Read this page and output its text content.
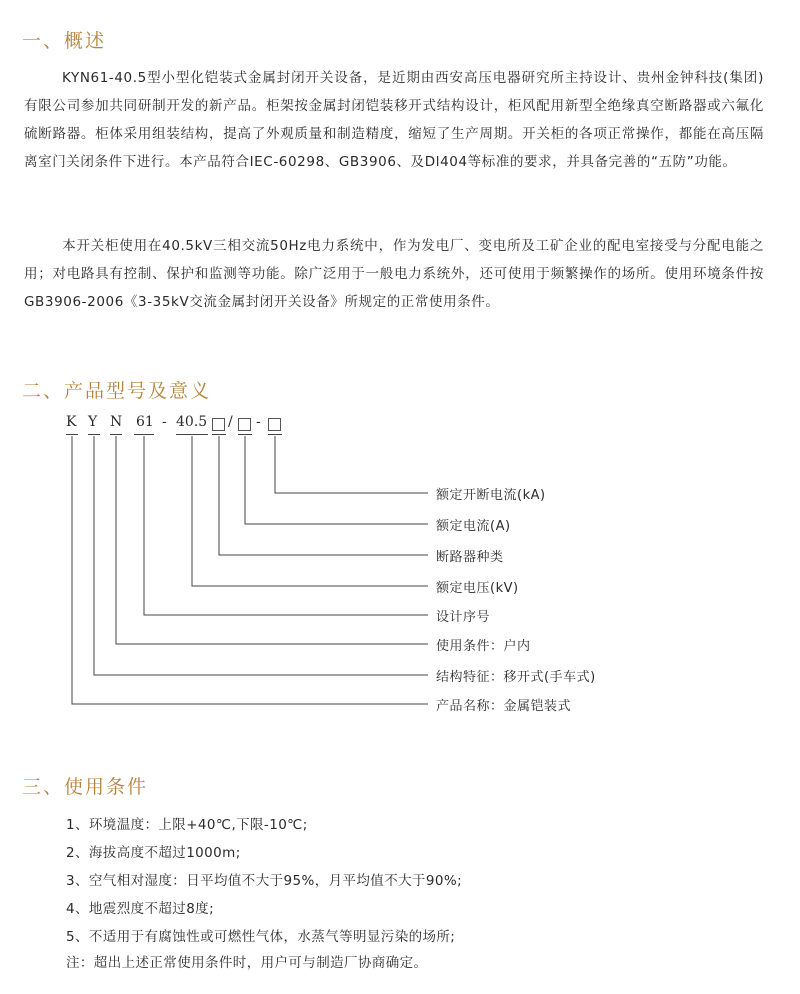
一、概述

KYN61-40.5型小型化铠装式金属封闭开关设备，是近期由西安高压电器研究所主持设计、贵州金钟科技(集团)有限公司参加共同研制开发的新产品。柜架按金属封闭铠装移开式结构设计，柜风配用新型全绝缘真空断路器或六氟化硫断路器。柜体采用组装结构，提高了外观质量和制造精度，缩短了生产周期。开关柜的各项正常操作，都能在高压隔离室门关闭条件下进行。本产品符合IEC-60298、GB3906、及Dl404等标准的要求，并具备完善的“五防”功能。

本开关柜使用在40.5kV三相交流50Hz电力系统中，作为发电厂、变电所及工矿企业的配电室接受与分配电能之用；对电路具有控制、保护和监测等功能。除广泛用于一般电力系统外，还可使用于频繁操作的场所。使用环境条件按GB3906-2006《3-35kV交流金属封闭开关设备》所规定的正常使用条件。

二、产品型号及意义
K Y N 61 - 40.5 / -
额定开断电流(kA)
额定电流(A)
断路器种类
额定电压(kV)
设计序号
使用条件：户内
结构特征：移开式(手车式)
产品名称：金属铠装式
三、使用条件
1、环境温度：上限+40℃,下限-10℃;
2、海拔高度不超过1000m;
3、空气相对湿度：日平均值不大于95%，月平均值不大于90%;
4、地震烈度不超过8度;
5、不适用于有腐蚀性或可燃性气体，水蒸气等明显污染的场所;
注：超出上述正常使用条件时，用户可与制造厂协商确定。
